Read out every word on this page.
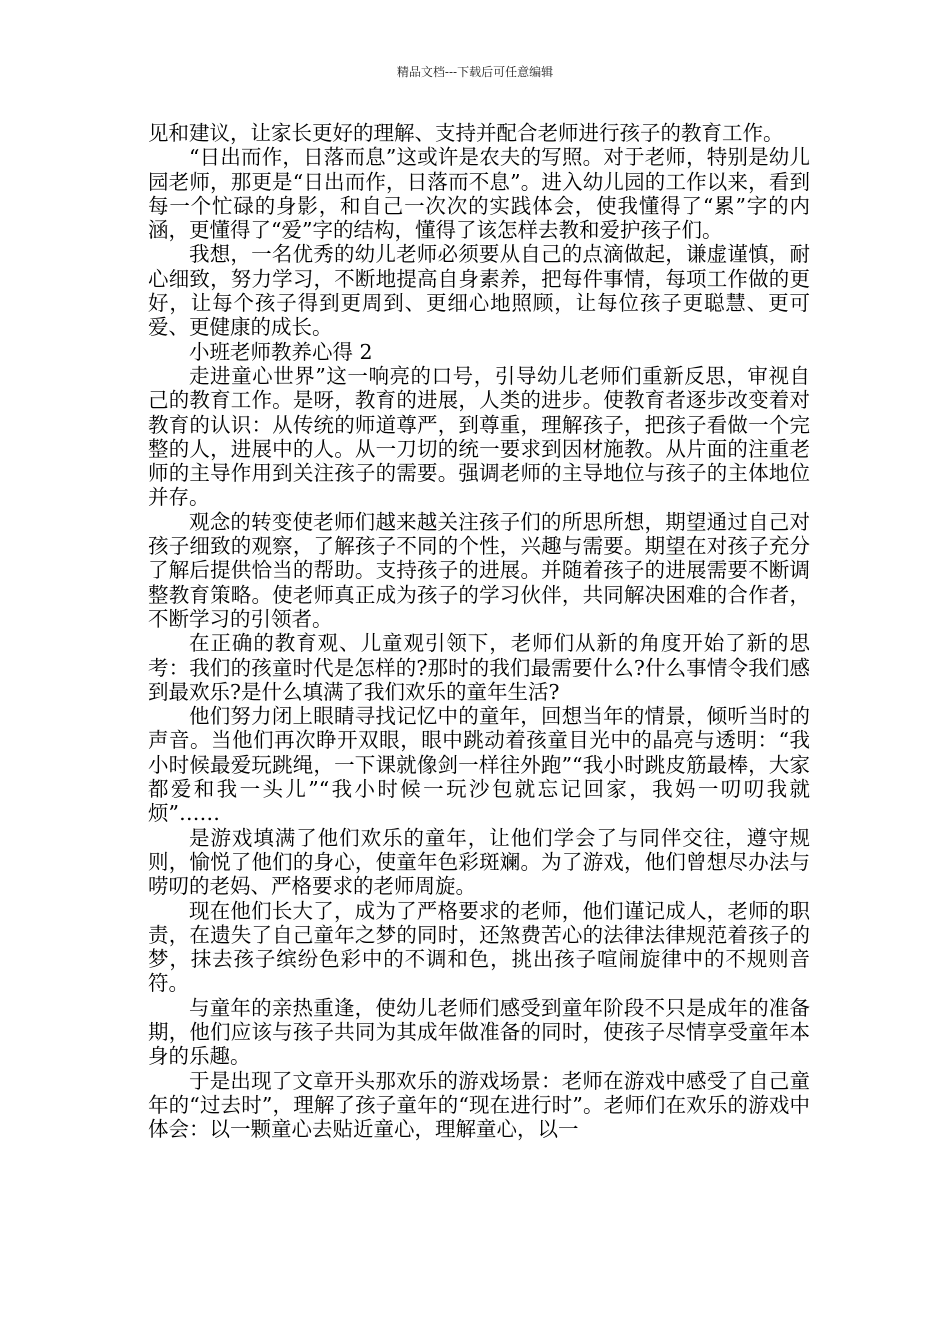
精品文档---下载后可任意编辑

见和建议，让家长更好的理解、支持并配合老师进行孩子的教育工作。

“日出而作，日落而息”这或许是农夫的写照。对于老师，特别是幼儿园老师，那更是“日出而作，日落而不息”。进入幼儿园的工作以来，看到每一个忙碌的身影，和自己一次次的实践体会，使我懂得了“累”字的内涵，更懂得了“爱”字的结构，懂得了该怎样去教和爱护孩子们。

我想，一名优秀的幼儿老师必须要从自己的点滴做起，谦虚谨慎，耐心细致，努力学习，不断地提高自身素养，把每件事情，每项工作做的更好，让每个孩子得到更周到、更细心地照顾，让每位孩子更聪慧、更可爱、更健康的成长。

小班老师教养心得 2

走进童心世界”这一响亮的口号，引导幼儿老师们重新反思，审视自己的教育工作。是呀，教育的进展，人类的进步。使教育者逐步改变着对教育的认识：从传统的师道尊严，到尊重，理解孩子，把孩子看做一个完整的人，进展中的人。从一刀切的统一要求到因材施教。从片面的注重老师的主导作用到关注孩子的需要。强调老师的主导地位与孩子的主体地位并存。

观念的转变使老师们越来越关注孩子们的所思所想，期望通过自己对孩子细致的观察，了解孩子不同的个性，兴趣与需要。期望在对孩子充分了解后提供恰当的帮助。支持孩子的进展。并随着孩子的进展需要不断调整教育策略。使老师真正成为孩子的学习伙伴，共同解决困难的合作者，不断学习的引领者。

在正确的教育观、儿童观引领下，老师们从新的角度开始了新的思考：我们的孩童时代是怎样的?那时的我们最需要什么?什么事情令我们感到最欢乐?是什么填满了我们欢乐的童年生活?

他们努力闭上眼睛寻找记忆中的童年，回想当年的情景，倾听当时的声音。当他们再次睁开双眼，眼中跳动着孩童目光中的晶亮与透明：“我小时候最爱玩跳绳，一下课就像剑一样往外跑”“我小时跳皮筋最棒，大家都爱和我一头儿”“我小时候一玩沙包就忘记回家，我妈一叨叨我就烦”……

是游戏填满了他们欢乐的童年，让他们学会了与同伴交往，遵守规则，愉悦了他们的身心，使童年色彩斑斓。为了游戏，他们曾想尽办法与唠叨的老妈、严格要求的老师周旋。

现在他们长大了，成为了严格要求的老师，他们谨记成人，老师的职责，在遗失了自己童年之梦的同时，还煞费苦心的法律法律规范着孩子的梦，抹去孩子缤纷色彩中的不调和色，挑出孩子喧闹旋律中的不规则音符。

与童年的亲热重逢，使幼儿老师们感受到童年阶段不只是成年的准备期，他们应该与孩子共同为其成年做准备的同时，使孩子尽情享受童年本身的乐趣。

于是出现了文章开头那欢乐的游戏场景：老师在游戏中感受了自己童年的“过去时”，理解了孩子童年的“现在进行时”。老师们在欢乐的游戏中体会：以一颗童心去贴近童心，理解童心，以一
